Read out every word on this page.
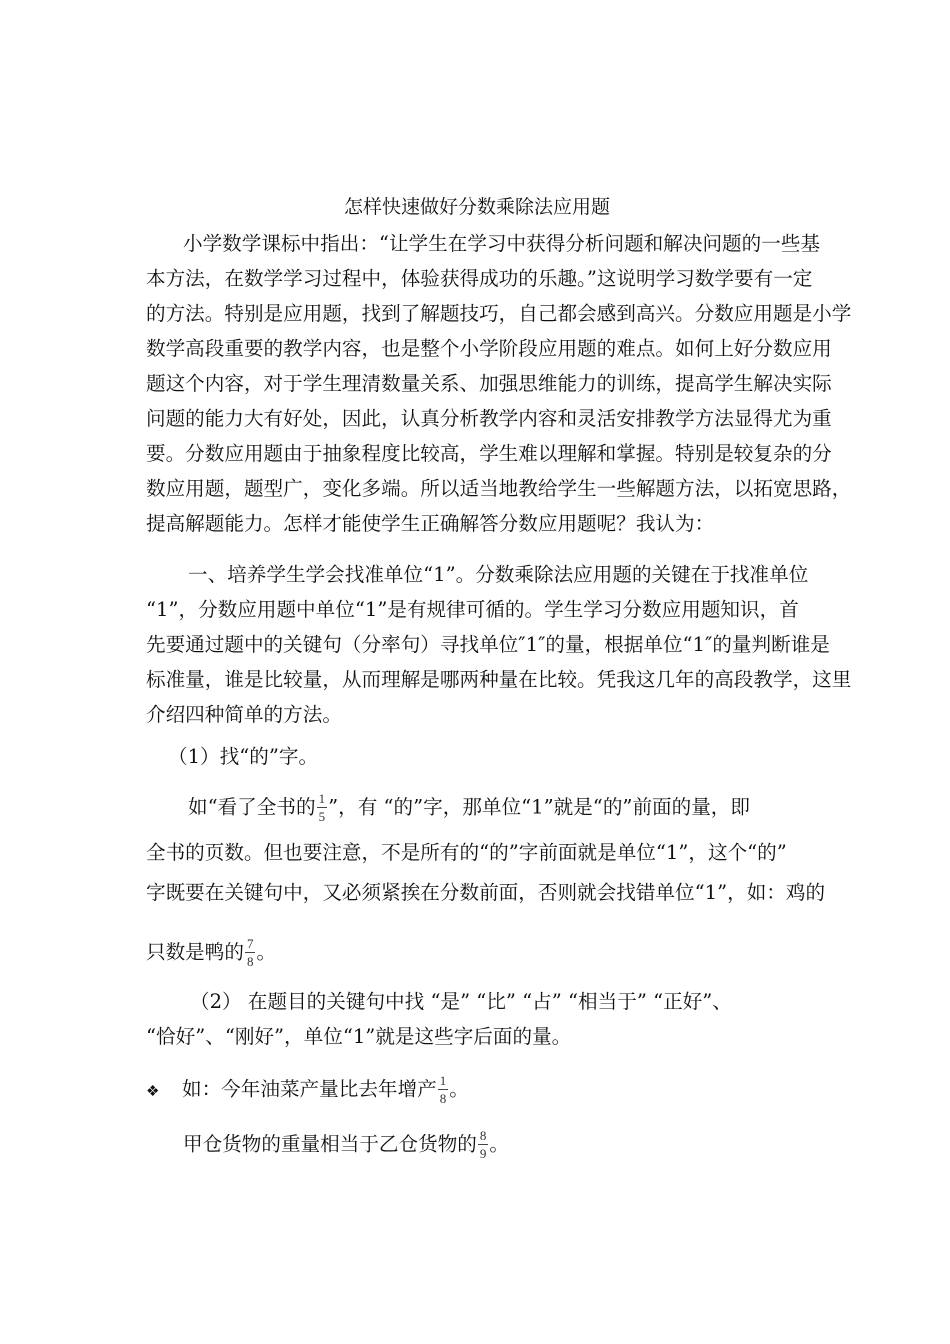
怎样快速做好分数乘除法应用题
小学数学课标中指出：“让学生在学习中获得分析问题和解决问题的一些基
本方法，在数学学习过程中，体验获得成功的乐趣。”这说明学习数学要有一定
的方法。特别是应用题，找到了解题技巧，自己都会感到高兴。分数应用题是小学
数学高段重要的教学内容，也是整个小学阶段应用题的难点。如何上好分数应用
题这个内容，对于学生理清数量关系、加强思维能力的训练，提高学生解决实际
问题的能力大有好处，因此，认真分析教学内容和灵活安排教学方法显得尤为重
要。分数应用题由于抽象程度比较高，学生难以理解和掌握。特别是较复杂的分
数应用题，题型广，变化多端。所以适当地教给学生一些解题方法，以拓宽思路，
提高解题能力。怎样才能使学生正确解答分数应用题呢？我认为：
一、培养学生学会找准单位“1”。分数乘除法应用题的关键在于找准单位
“1”，分数应用题中单位“1”是有规律可循的。学生学习分数应用题知识，首
先要通过题中的关键句（分率句）寻找单位″1″的量，根据单位“1″的量判断谁是
标准量，谁是比较量，从而理解是哪两种量在比较。凭我这几年的高段教学，这里
介绍四种简单的方法。
（1）找“的”字。
如“看了全书的 $\frac{1}{5}$ ”，有 “的”字，那单位“1”就是“的”前面的量，即
全书的页数。但也要注意，不是所有的“的”字前面就是单位“1”，这个“的”
字既要在关键句中，又必须紧挨在分数前面，否则就会找错单位“1”，如：鸡的
只数是鸭的 $\frac{7}{8}$ 。
（2） 在题目的关键句中找 “是” “比” “占” “相当于” “正好”、
“恰好”、“刚好”，单位“1”就是这些字后面的量。
❖ 如：今年油菜产量比去年增产 $\frac{1}{8}$ 。
甲仓货物的重量相当于乙仓货物的 $\frac{8}{9}$ 。
